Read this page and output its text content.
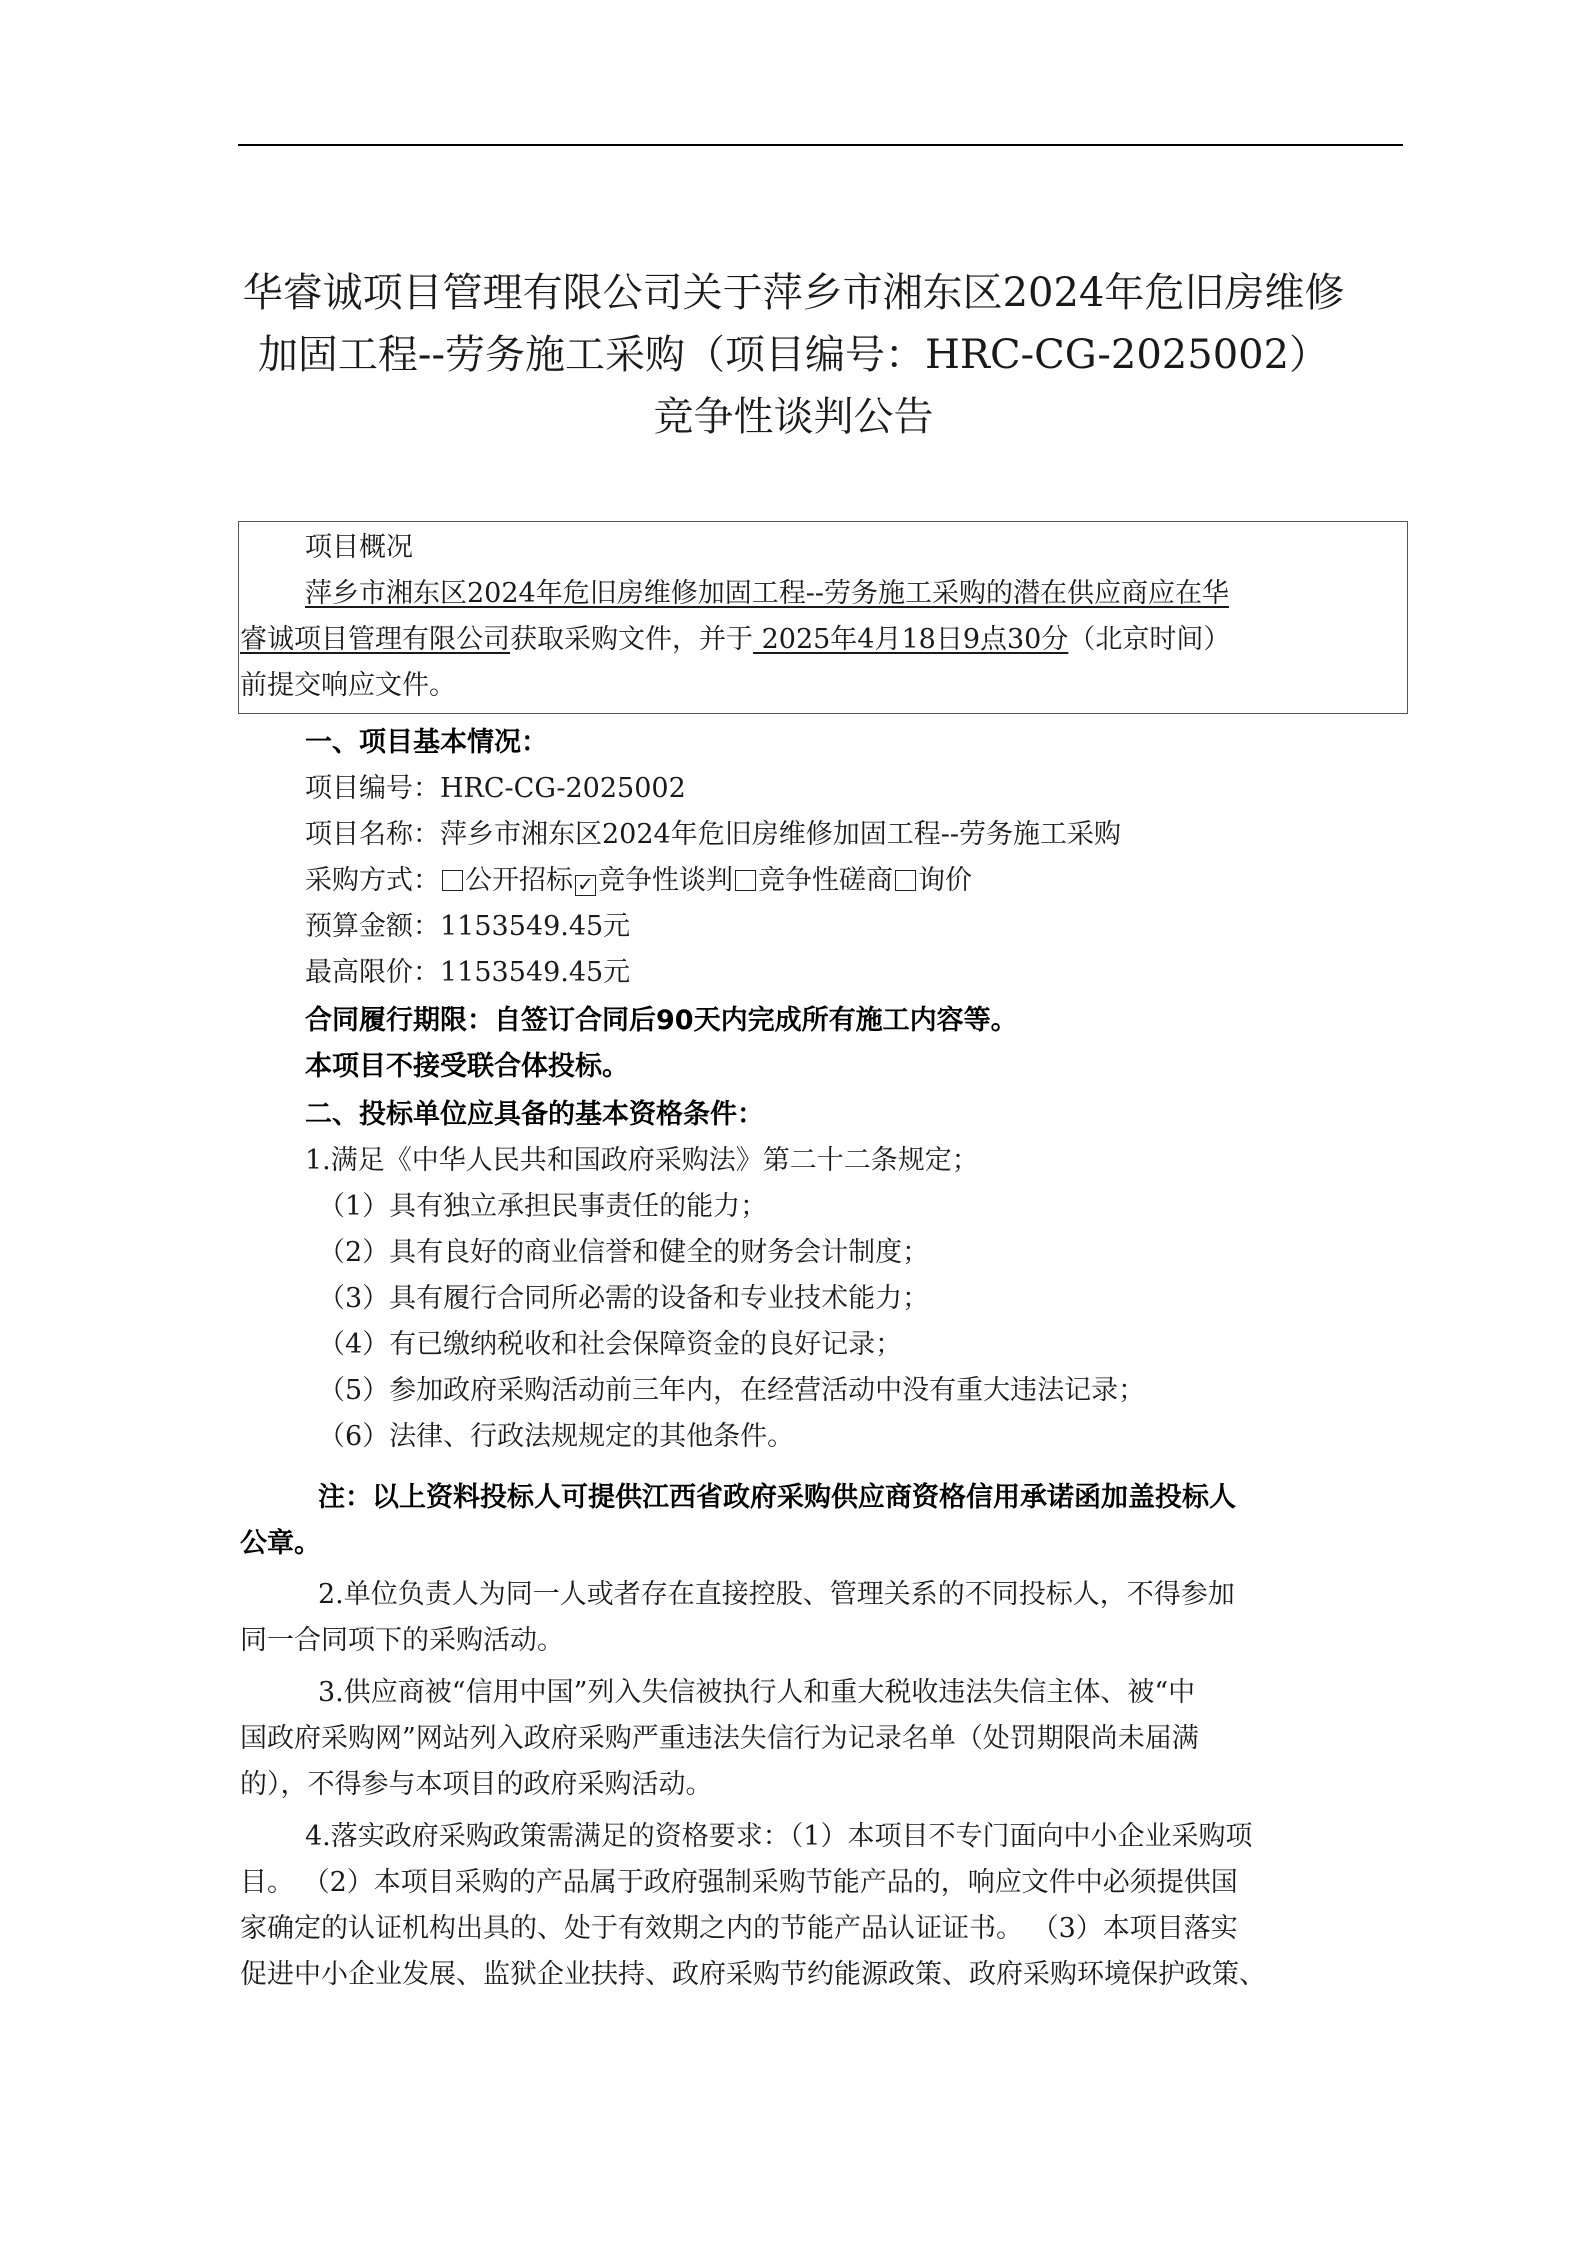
华睿诚项目管理有限公司关于萍乡市湘东区2024年危旧房维修
加固工程--劳务施工采购（项目编号：HRC-CG-2025002）
竞争性谈判公告
项目概况
萍乡市湘东区2024年危旧房维修加固工程--劳务施工采购的潜在供应商应在华
睿诚项目管理有限公司获取采购文件，并于 2025年4月18日9点30分（北京时间）
前提交响应文件。
一、项目基本情况：
项目编号：HRC-CG-2025002
项目名称：萍乡市湘东区2024年危旧房维修加固工程--劳务施工采购
采购方式： 公开招标 ✓ 竞争性谈判 竞争性磋商 询价
预算金额：1153549.45元
最高限价：1153549.45元
合同履行期限：自签订合同后90天内完成所有施工内容等。
本项目不接受联合体投标。
二、投标单位应具备的基本资格条件：
1.满足《中华人民共和国政府采购法》第二十二条规定；
（1）具有独立承担民事责任的能力；
（2）具有良好的商业信誉和健全的财务会计制度；
（3）具有履行合同所必需的设备和专业技术能力；
（4）有已缴纳税收和社会保障资金的良好记录；
（5）参加政府采购活动前三年内，在经营活动中没有重大违法记录；
（6）法律、行政法规规定的其他条件。
注：以上资料投标人可提供江西省政府采购供应商资格信用承诺函加盖投标人
公章。
2.单位负责人为同一人或者存在直接控股、管理关系的不同投标人，不得参加
同一合同项下的采购活动。
3.供应商被“信用中国”列入失信被执行人和重大税收违法失信主体、被“中
国政府采购网”网站列入政府采购严重违法失信行为记录名单（处罚期限尚未届满
的），不得参与本项目的政府采购活动。
4.落实政府采购政策需满足的资格要求：（1）本项目不专门面向中小企业采购项
目。 （2）本项目采购的产品属于政府强制采购节能产品的，响应文件中必须提供国
家确定的认证机构出具的、处于有效期之内的节能产品认证证书。 （3）本项目落实
促进中小企业发展、监狱企业扶持、政府采购节约能源政策、政府采购环境保护政策、
